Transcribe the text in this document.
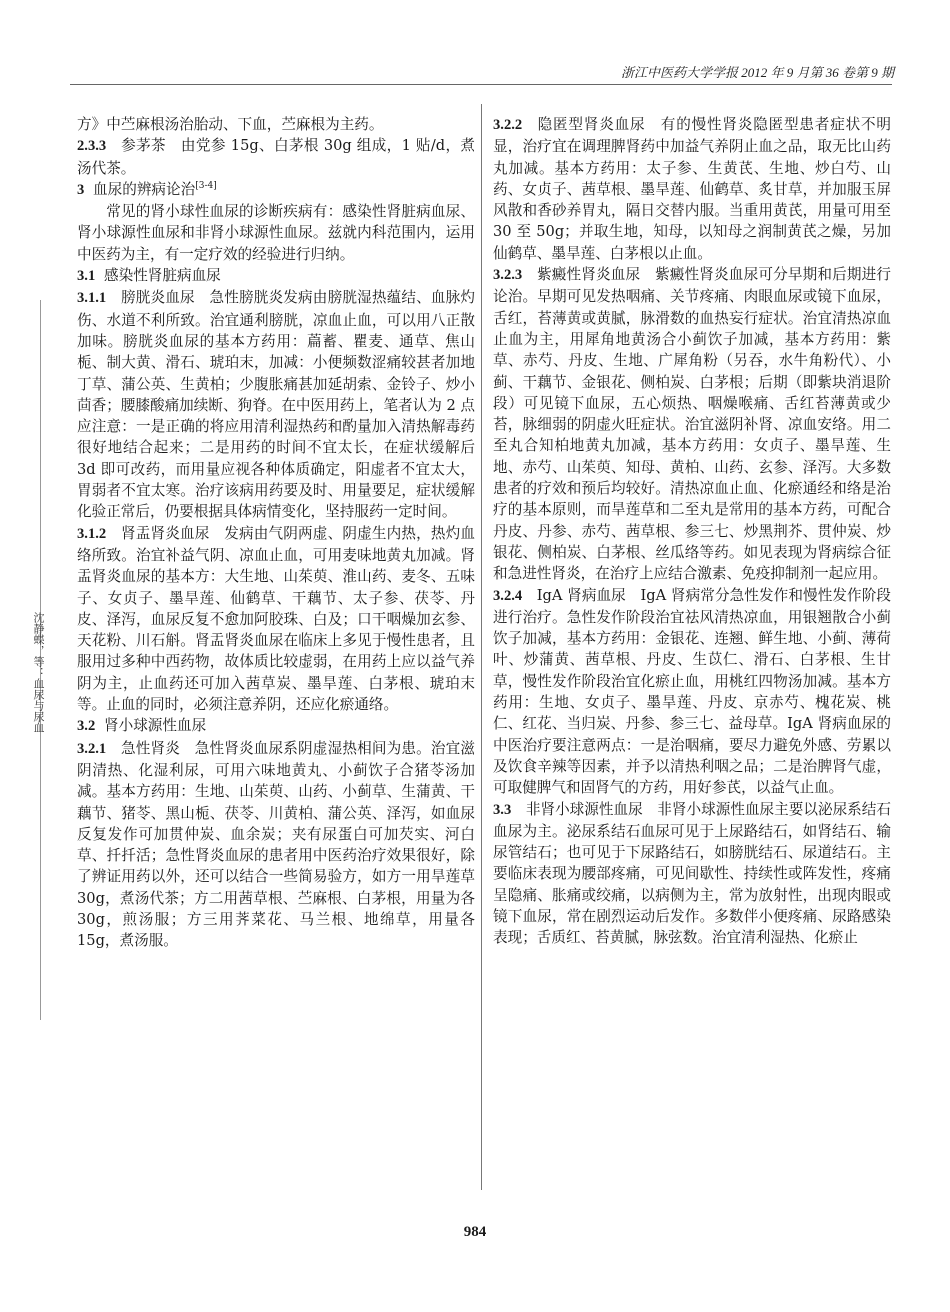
浙江中医药大学学报 2012 年 9 月第 36 卷第 9 期
沈静蝶，等：血尿与尿血

方》中苎麻根汤治胎动、下血，苎麻根为主药。

2.3.3 参茅茶　由党参 15g、白茅根 30g 组成，1 贴/d，煮汤代茶。

3 血尿的辨病论治[3-4]

常见的肾小球性血尿的诊断疾病有：感染性肾脏病血尿、肾小球源性血尿和非肾小球源性血尿。兹就内科范围内，运用中医药为主，有一定疗效的经验进行归纳。

3.1 感染性肾脏病血尿

3.1.1 膀胱炎血尿　急性膀胱炎发病由膀胱湿热蕴结、血脉灼伤、水道不利所致。治宜通利膀胱，凉血止血，可以用八正散加味。膀胱炎血尿的基本方药用：萹蓄、瞿麦、通草、焦山栀、制大黄、滑石、琥珀末，加减：小便频数涩痛较甚者加地丁草、蒲公英、生黄柏；少腹胀痛甚加延胡索、金铃子、炒小茴香；腰膝酸痛加续断、狗脊。在中医用药上，笔者认为 2 点应注意：一是正确的将应用清利湿热药和酌量加入清热解毒药很好地结合起来；二是用药的时间不宜太长，在症状缓解后 3d 即可改药，而用量应视各种体质确定，阳虚者不宜太大，胃弱者不宜太寒。治疗该病用药要及时、用量要足，症状缓解化验正常后，仍要根据具体病情变化，坚持服药一定时间。

3.1.2 肾盂肾炎血尿　发病由气阴两虚、阴虚生内热，热灼血络所致。治宜补益气阴、凉血止血，可用麦味地黄丸加减。肾盂肾炎血尿的基本方：大生地、山茱萸、淮山药、麦冬、五味子、女贞子、墨旱莲、仙鹤草、干藕节、太子参、茯苓、丹皮、泽泻，血尿反复不愈加阿胶珠、白及；口干咽燥加玄参、天花粉、川石斛。肾盂肾炎血尿在临床上多见于慢性患者，且服用过多种中西药物，故体质比较虚弱，在用药上应以益气养阴为主，止血药还可加入茜草炭、墨旱莲、白茅根、琥珀末等。止血的同时，必须注意养阴，还应化瘀通络。

3.2 肾小球源性血尿

3.2.1 急性肾炎　急性肾炎血尿系阴虚湿热相间为患。治宜滋阴清热、化湿利尿，可用六味地黄丸、小蓟饮子合猪苓汤加减。基本方药用：生地、山茱萸、山药、小蓟草、生蒲黄、干藕节、猪苓、黑山栀、茯苓、川黄柏、蒲公英、泽泻，如血尿反复发作可加贯仲炭、血余炭；夹有尿蛋白可加芡实、河白草、扦扦活；急性肾炎血尿的患者用中医药治疗效果很好，除了辨证用药以外，还可以结合一些简易验方，如方一用旱莲草 30g，煮汤代茶；方二用茜草根、苎麻根、白茅根，用量为各 30g，煎汤服；方三用荠菜花、马兰根、地绵草，用量各 15g，煮汤服。

3.2.2 隐匿型肾炎血尿　有的慢性肾炎隐匿型患者症状不明显，治疗宜在调理脾肾药中加益气养阴止血之品，取无比山药丸加减。基本方药用：太子参、生黄芪、生地、炒白芍、山药、女贞子、茜草根、墨旱莲、仙鹤草、炙甘草，并加服玉屏风散和香砂养胃丸，隔日交替内服。当重用黄芪，用量可用至 30 至 50g；并取生地，知母，以知母之润制黄芪之燥，另加仙鹤草、墨旱莲、白茅根以止血。

3.2.3 紫癜性肾炎血尿　紫癜性肾炎血尿可分早期和后期进行论治。早期可见发热咽痛、关节疼痛、肉眼血尿或镜下血尿，舌红，苔薄黄或黄腻，脉滑数的血热妄行症状。治宜清热凉血止血为主，用犀角地黄汤合小蓟饮子加减，基本方药用：紫草、赤芍、丹皮、生地、广犀角粉（另吞，水牛角粉代）、小蓟、干藕节、金银花、侧柏炭、白茅根；后期（即紫块消退阶段）可见镜下血尿，五心烦热、咽燥喉痛、舌红苔薄黄或少苔，脉细弱的阴虚火旺症状。治宜滋阴补肾、凉血安络。用二至丸合知柏地黄丸加减，基本方药用：女贞子、墨旱莲、生地、赤芍、山茱萸、知母、黄柏、山药、玄参、泽泻。大多数患者的疗效和预后均较好。清热凉血止血、化瘀通经和络是治疗的基本原则，而旱莲草和二至丸是常用的基本方药，可配合丹皮、丹参、赤芍、茜草根、参三七、炒黑荆芥、贯仲炭、炒银花、侧柏炭、白茅根、丝瓜络等药。如见表现为肾病综合征和急进性肾炎，在治疗上应结合激素、免疫抑制剂一起应用。

3.2.4 IgA 肾病血尿　IgA 肾病常分急性发作和慢性发作阶段进行治疗。急性发作阶段治宜祛风清热凉血，用银翘散合小蓟饮子加减，基本方药用：金银花、连翘、鲜生地、小蓟、薄荷叶、炒蒲黄、茜草根、丹皮、生苡仁、滑石、白茅根、生甘草，慢性发作阶段治宜化瘀止血，用桃红四物汤加减。基本方药用：生地、女贞子、墨旱莲、丹皮、京赤芍、槐花炭、桃仁、红花、当归炭、丹参、参三七、益母草。IgA 肾病血尿的中医治疗要注意两点：一是治咽痛，要尽力避免外感、劳累以及饮食辛辣等因素，并予以清热利咽之品；二是治脾肾气虚，可取健脾气和固肾气的方药，用好参芪，以益气止血。

3.3 非肾小球源性血尿　非肾小球源性血尿主要以泌尿系结石血尿为主。泌尿系结石血尿可见于上尿路结石，如肾结石、输尿管结石；也可见于下尿路结石，如膀胱结石、尿道结石。主要临床表现为腰部疼痛，可见间歇性、持续性或阵发性，疼痛呈隐痛、胀痛或绞痛，以病侧为主，常为放射性，出现肉眼或镜下血尿，常在剧烈运动后发作。多数伴小便疼痛、尿路感染表现；舌质红、苔黄腻，脉弦数。治宜清利湿热、化瘀止

984
